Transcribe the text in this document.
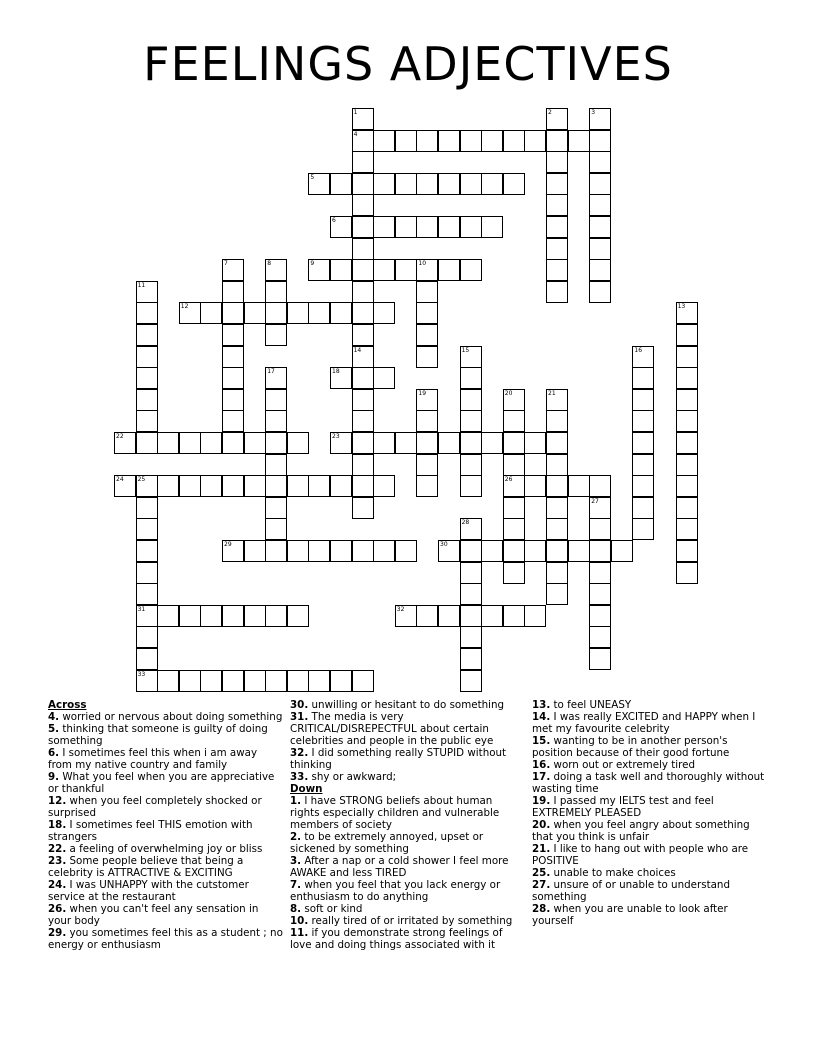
FEELINGS ADJECTIVES
1
4
14
2	3
5
6
7	8	9	10
11
12	13
15	16
17	18
19	20
26
21
22	23
24 25
31
33
27
28
29	30
32
Across
4. worried or nervous about doing something
5. thinking that someone is guilty of doing something
6. I sometimes feel this when i am away from my native country and family
9. What you feel when you are appreciative or thankful
12. when you feel completely shocked or surprised
18. I sometimes feel THIS emotion with strangers
22. a feeling of overwhelming joy or bliss
23. Some people believe that being a celebrity is ATTRACTIVE & EXCITING
24. I was UNHAPPY with the cutstomer service at the restaurant
26. when you can't feel any sensation in your body
29. you sometimes feel this as a student ; no energy or enthusiasm
30. unwilling or hesitant to do something
31. The media is very CRITICAL/DISREPECTFUL about certain celebrities and people in the public eye
32. I did something really STUPID without thinking
33. shy or awkward;
Down
1. I have STRONG beliefs about human rights especially children and vulnerable members of society
2. to be extremely annoyed, upset or sickened by something
3. After a nap or a cold shower I feel more AWAKE and less TIRED
7. when you feel that you lack energy or enthusiasm to do anything
8. soft or kind
10. really tired of or irritated by something
11. if you demonstrate strong feelings of love and doing things associated with it
13. to feel UNEASY
14. I was really EXCITED and HAPPY when I met my favourite celebrity
15. wanting to be in another person's position because of their good fortune
16. worn out or extremely tired
17. doing a task well and thoroughly without wasting time
19. I passed my IELTS test and feel EXTREMELY PLEASED
20. when you feel angry about something that you think is unfair
21. I like to hang out with people who are POSITIVE
25. unable to make choices
27. unsure of or unable to understand something
28. when you are unable to look after yourself
